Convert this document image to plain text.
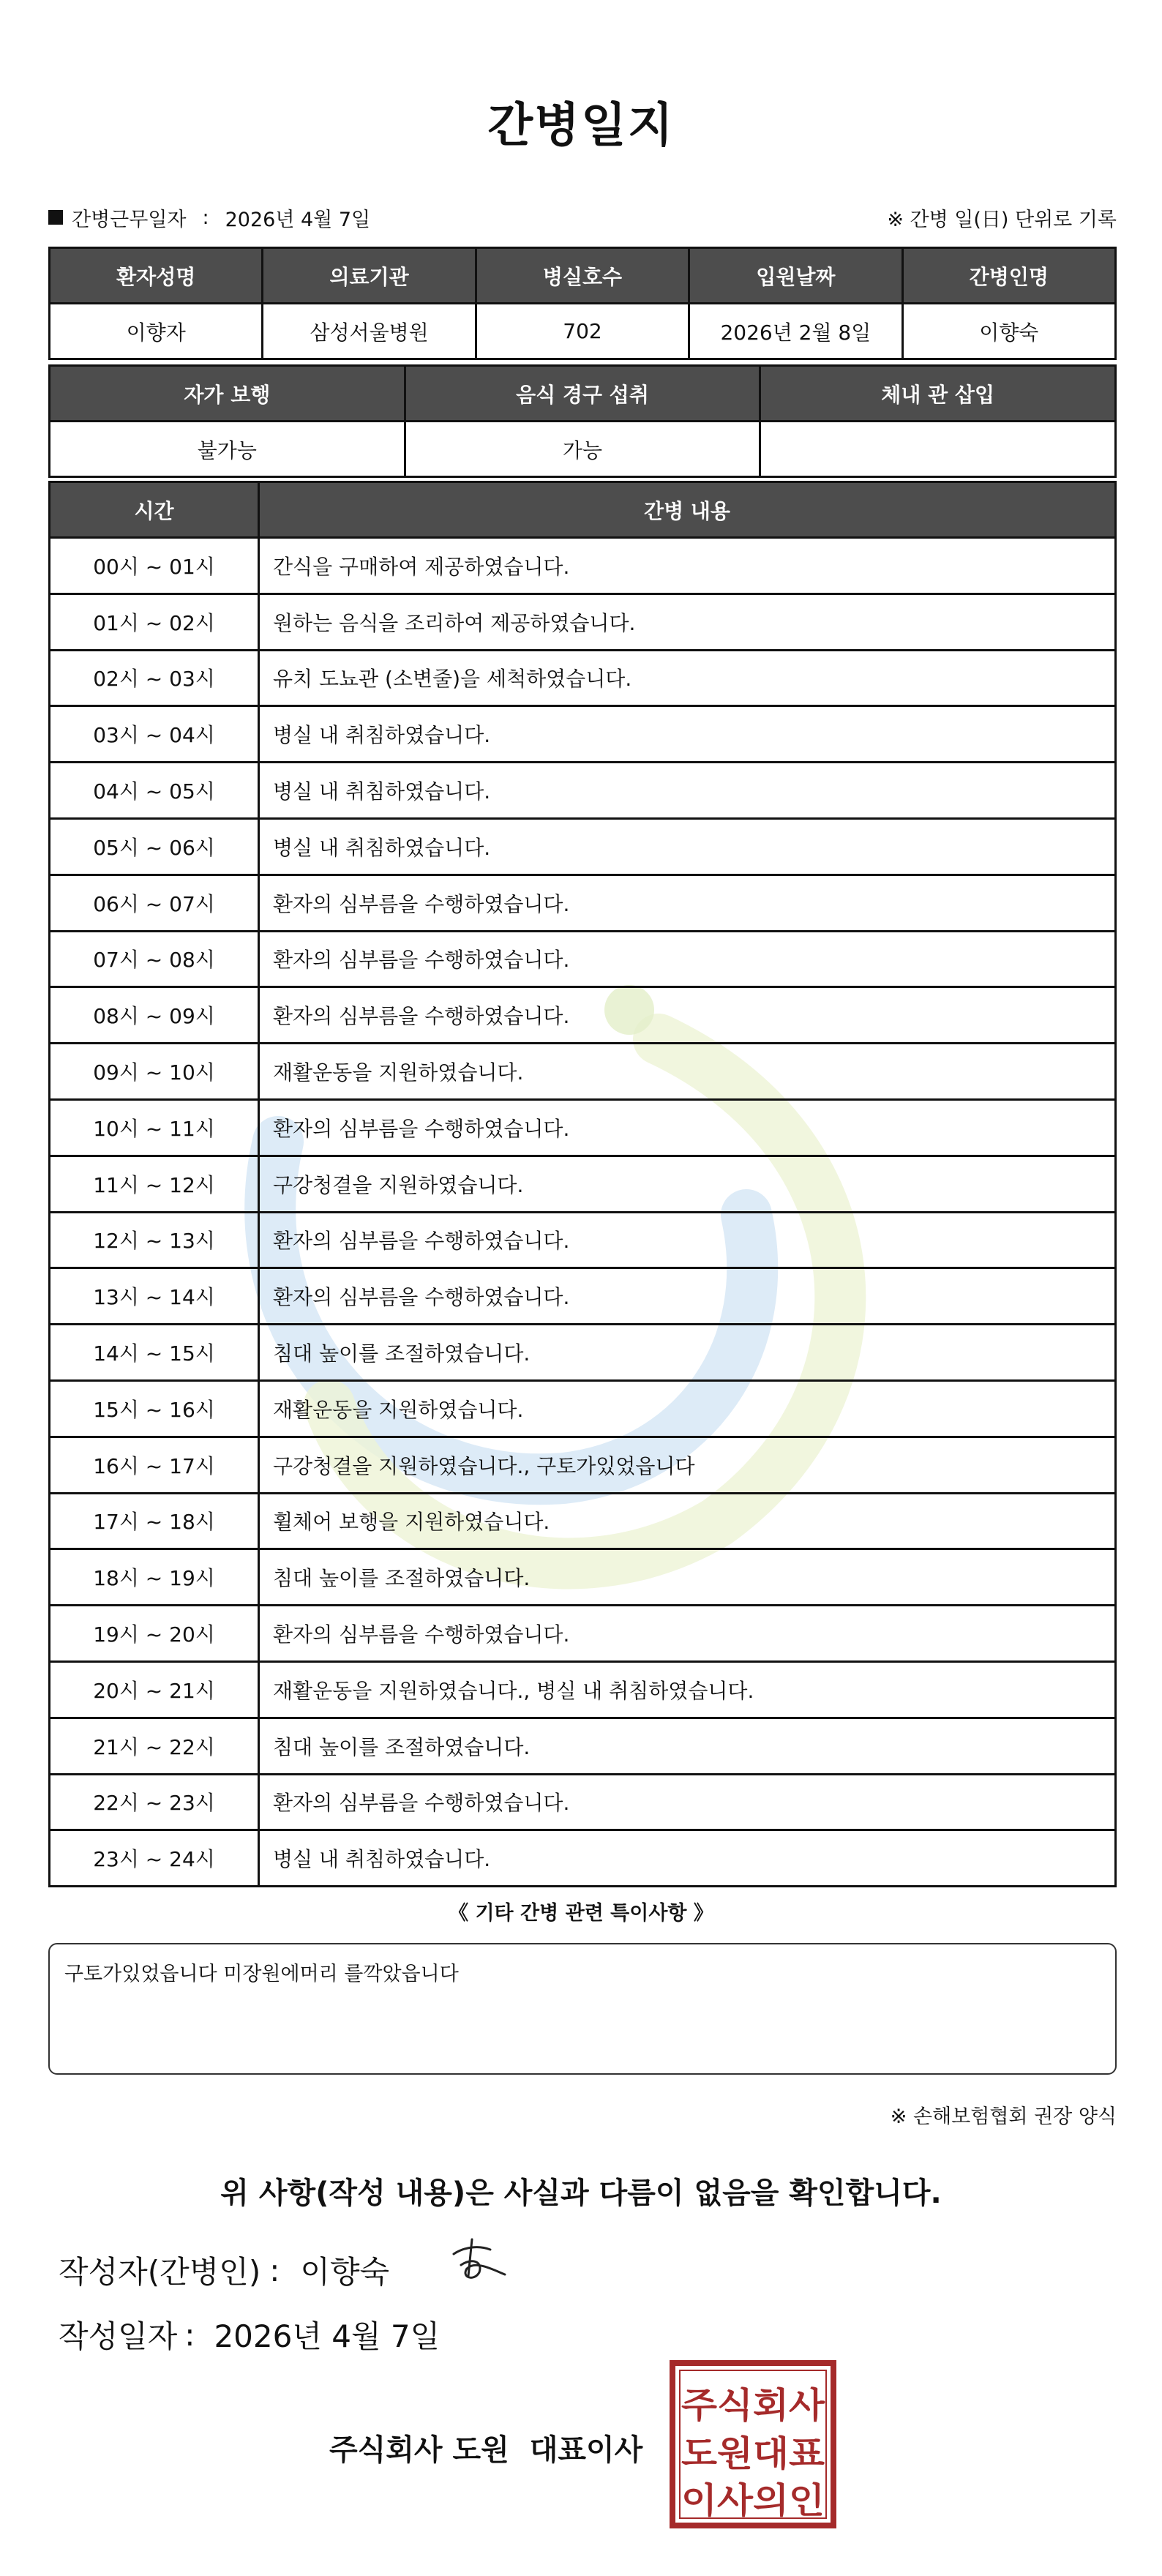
간병일지
간병근무일자 : 2026년 4월 7일	※ 간병 일(日) 단위로 기록
환자성명	의료기관	병실호수	입원날짜	간병인명
이향자	삼성서울병원	702	2026년 2월 8일	이향숙
자가 보행	음식 경구 섭취	체내 관 삽입
불가능	가능	
시간	간병 내용
00시 ~ 01시	간식을 구매하여 제공하였습니다.
01시 ~ 02시	원하는 음식을 조리하여 제공하였습니다.
02시 ~ 03시	유치 도뇨관 (소변줄)을 세척하였습니다.
03시 ~ 04시	병실 내 취침하였습니다.
04시 ~ 05시	병실 내 취침하였습니다.
05시 ~ 06시	병실 내 취침하였습니다.
06시 ~ 07시	환자의 심부름을 수행하였습니다.
07시 ~ 08시	환자의 심부름을 수행하였습니다.
08시 ~ 09시	환자의 심부름을 수행하였습니다.
09시 ~ 10시	재활운동을 지원하였습니다.
10시 ~ 11시	환자의 심부름을 수행하였습니다.
11시 ~ 12시	구강청결을 지원하였습니다.
12시 ~ 13시	환자의 심부름을 수행하였습니다.
13시 ~ 14시	환자의 심부름을 수행하였습니다.
14시 ~ 15시	침대 높이를 조절하였습니다.
15시 ~ 16시	재활운동을 지원하였습니다.
16시 ~ 17시	구강청결을 지원하였습니다., 구토가있었읍니다
17시 ~ 18시	휠체어 보행을 지원하였습니다.
18시 ~ 19시	침대 높이를 조절하였습니다.
19시 ~ 20시	환자의 심부름을 수행하였습니다.
20시 ~ 21시	재활운동을 지원하였습니다., 병실 내 취침하였습니다.
21시 ~ 22시	침대 높이를 조절하였습니다.
22시 ~ 23시	환자의 심부름을 수행하였습니다.
23시 ~ 24시	병실 내 취침하였습니다.
《 기타 간병 관련 특이사항 》
구토가있었읍니다 미장원에머리 를깍았읍니다
※ 손해보험협회 권장 양식
위 사항(작성 내용)은 사실과 다름이 없음을 확인합니다.
작성자(간병인) : 이향숙
작성일자 : 2026년 4월 7일
주식회사 도원 대표이사
주식회사
도원대표
이사의인
